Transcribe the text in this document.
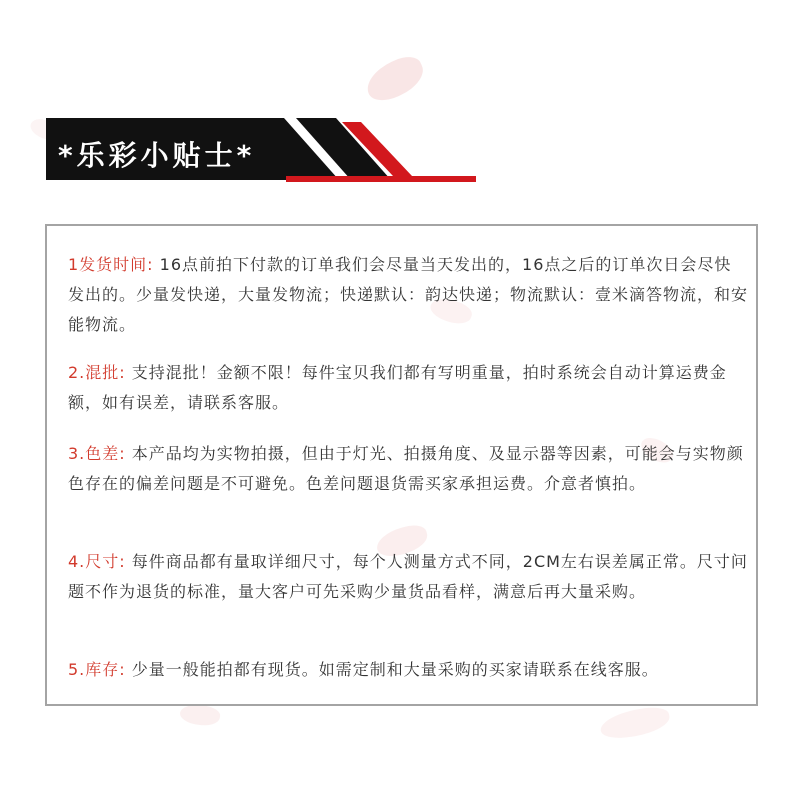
*乐彩小贴士*
1发货时间: 16点前拍下付款的订单我们会尽量当天发出的，16点之后的订单次日会尽快发出的。少量发快递，大量发物流；快递默认：韵达快递；物流默认：壹米滴答物流，和安能物流。
2.混批: 支持混批！金额不限！每件宝贝我们都有写明重量，拍时系统会自动计算运费金额，如有误差，请联系客服。
3.色差: 本产品均为实物拍摄，但由于灯光、拍摄角度、及显示器等因素，可能会与实物颜色存在的偏差问题是不可避免。色差问题退货需买家承担运费。介意者慎拍。
4.尺寸: 每件商品都有量取详细尺寸，每个人测量方式不同，2CM左右误差属正常。尺寸问题不作为退货的标准，量大客户可先采购少量货品看样，满意后再大量采购。
5.库存: 少量一般能拍都有现货。如需定制和大量采购的买家请联系在线客服。
